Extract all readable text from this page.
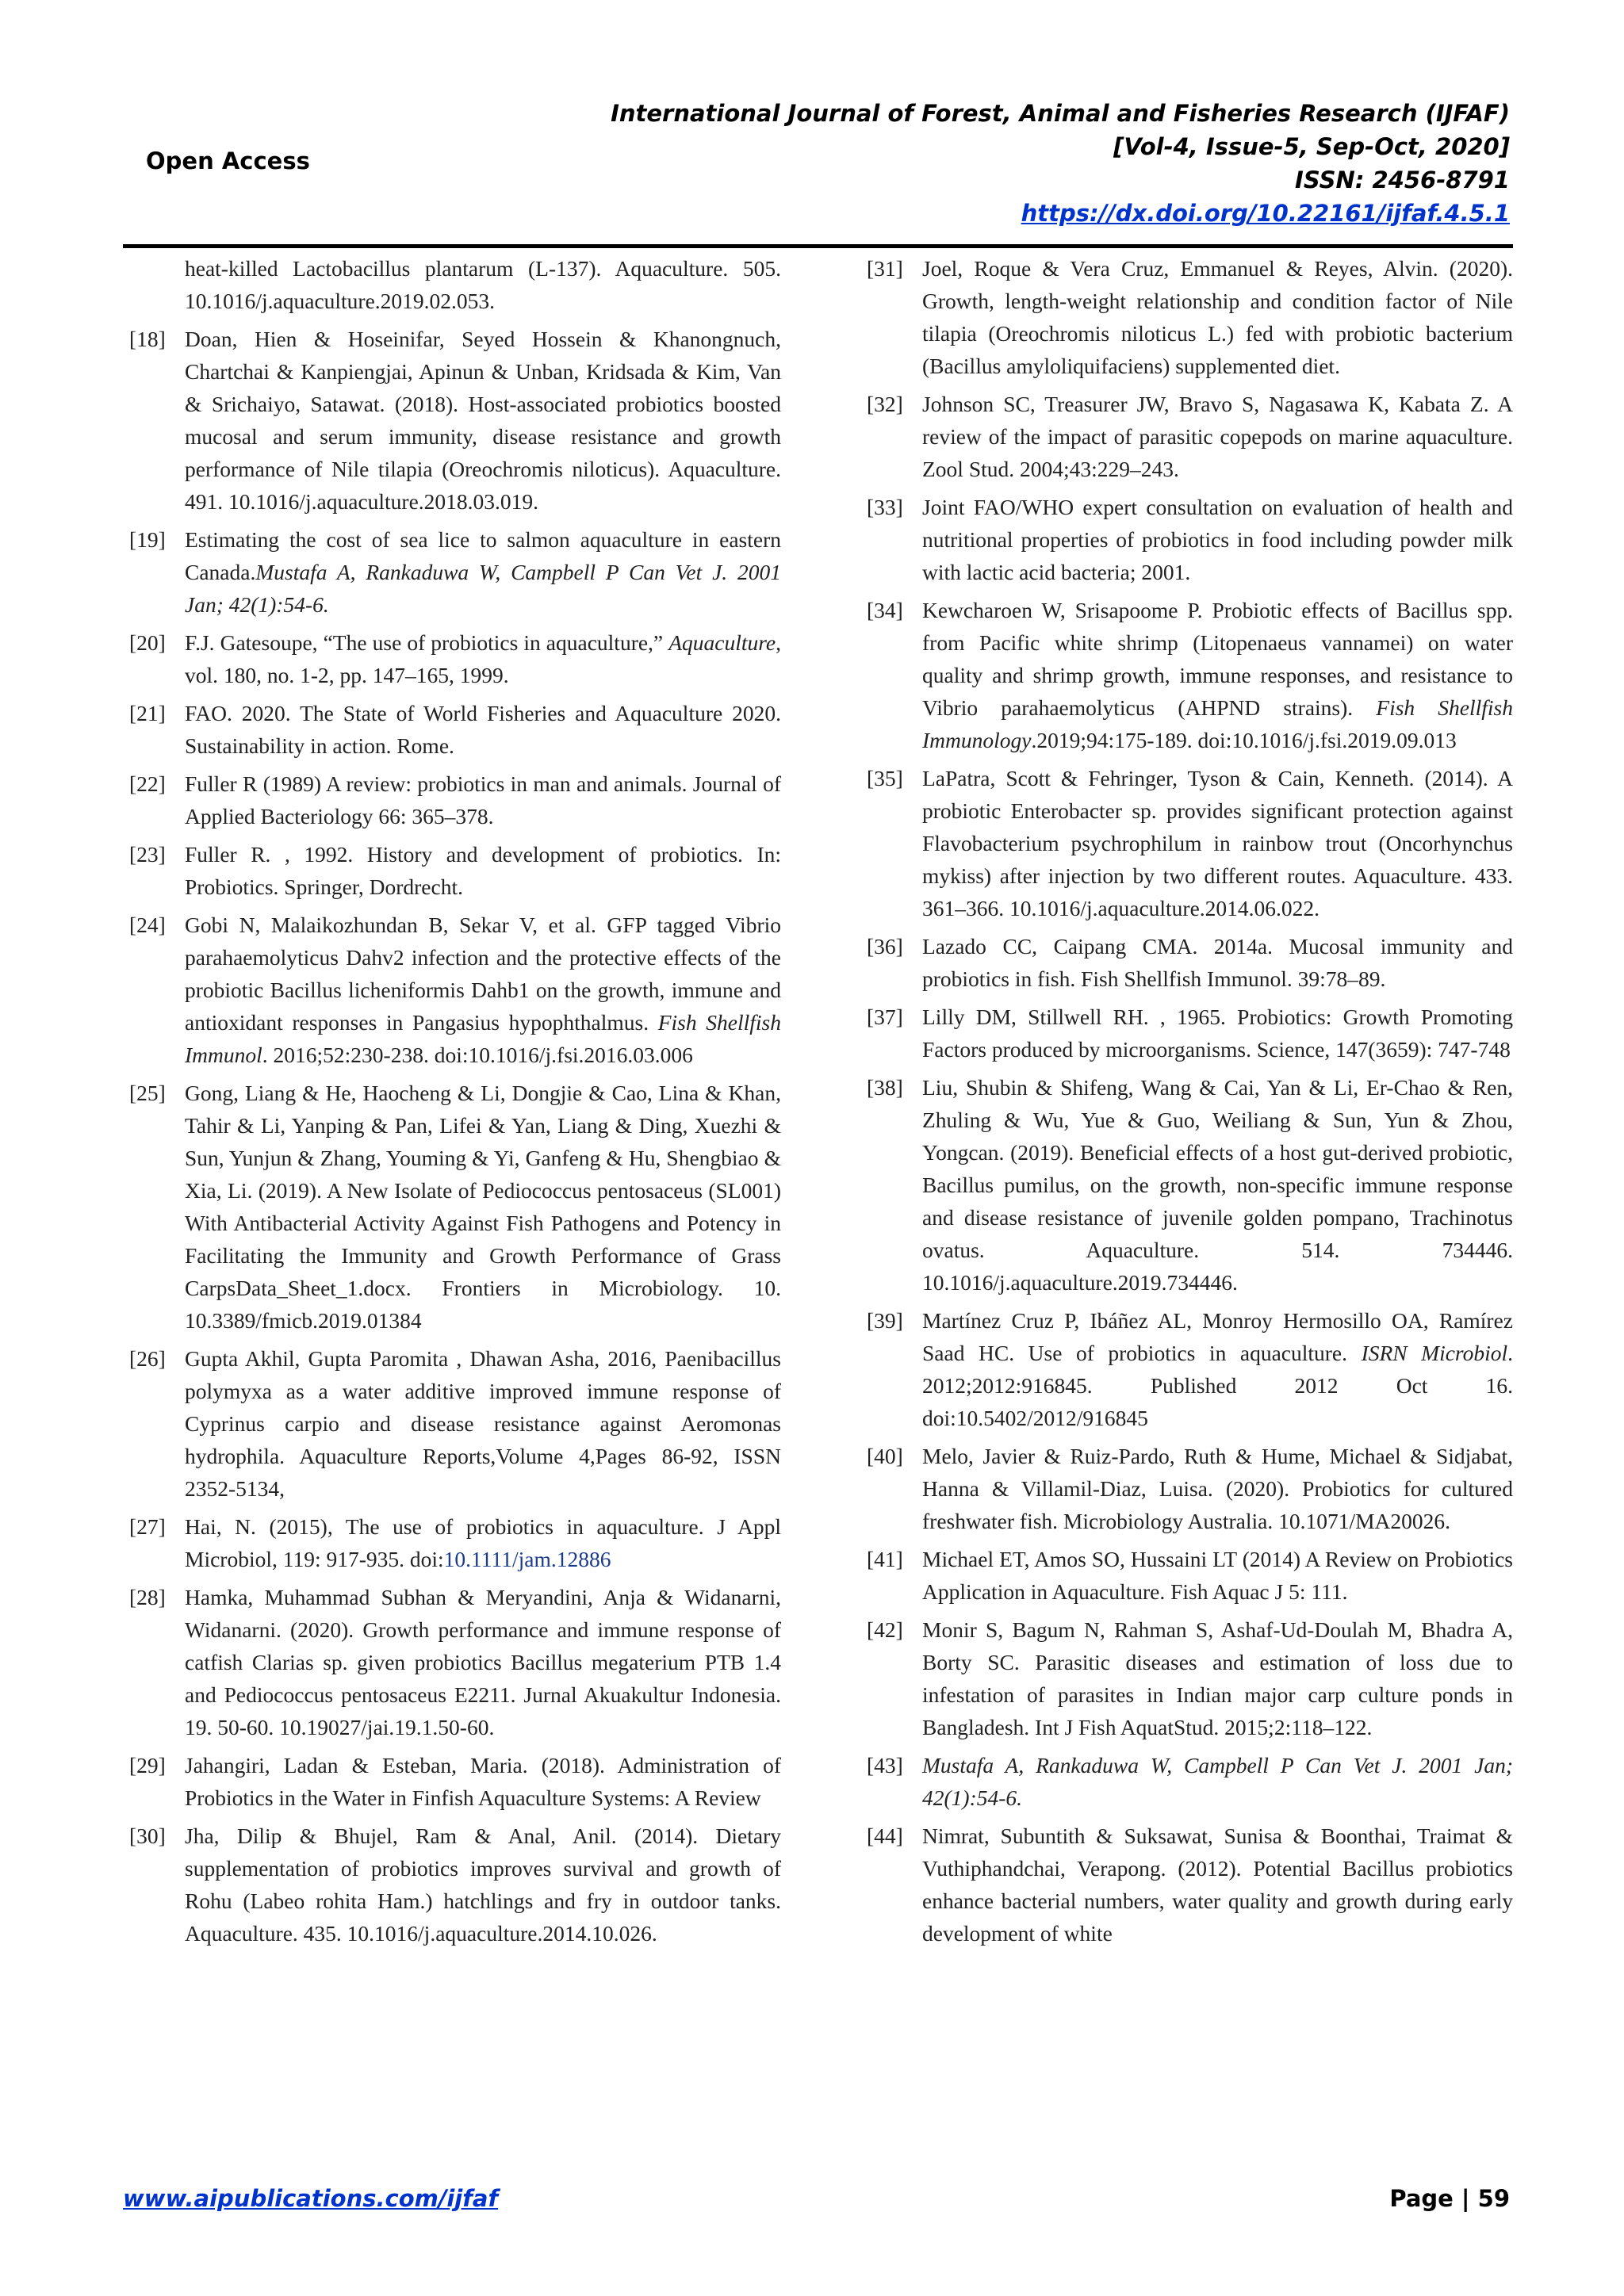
Open Access
International Journal of Forest, Animal and Fisheries Research (IJFAF)
[Vol-4, Issue-5, Sep-Oct, 2020]
ISSN: 2456-8791
https://dx.doi.org/10.22161/ijfaf.4.5.1
heat-killed Lactobacillus plantarum (L-137). Aquaculture. 505. 10.1016/j.aquaculture.2019.02.053.
[18] Doan, Hien & Hoseinifar, Seyed Hossein & Khanongnuch, Chartchai & Kanpiengjai, Apinun & Unban, Kridsada & Kim, Van & Srichaiyo, Satawat. (2018). Host-associated probiotics boosted mucosal and serum immunity, disease resistance and growth performance of Nile tilapia (Oreochromis niloticus). Aquaculture. 491. 10.1016/j.aquaculture.2018.03.019.
[19] Estimating the cost of sea lice to salmon aquaculture in eastern Canada.Mustafa A, Rankaduwa W, Campbell P Can Vet J. 2001 Jan; 42(1):54-6.
[20] F.J. Gatesoupe, “The use of probiotics in aquaculture,” Aquaculture, vol. 180, no. 1-2, pp. 147–165, 1999.
[21] FAO. 2020. The State of World Fisheries and Aquaculture 2020. Sustainability in action. Rome.
[22] Fuller R (1989) A review: probiotics in man and animals. Journal of Applied Bacteriology 66: 365–378.
[23] Fuller R. , 1992. History and development of probiotics. In: Probiotics. Springer, Dordrecht.
[24] Gobi N, Malaikozhundan B, Sekar V, et al. GFP tagged Vibrio parahaemolyticus Dahv2 infection and the protective effects of the probiotic Bacillus licheniformis Dahb1 on the growth, immune and antioxidant responses in Pangasius hypophthalmus. Fish Shellfish Immunol. 2016;52:230-238. doi:10.1016/j.fsi.2016.03.006
[25] Gong, Liang & He, Haocheng & Li, Dongjie & Cao, Lina & Khan, Tahir & Li, Yanping & Pan, Lifei & Yan, Liang & Ding, Xuezhi & Sun, Yunjun & Zhang, Youming & Yi, Ganfeng & Hu, Shengbiao & Xia, Li. (2019). A New Isolate of Pediococcus pentosaceus (SL001) With Antibacterial Activity Against Fish Pathogens and Potency in Facilitating the Immunity and Growth Performance of Grass CarpsData_Sheet_1.docx. Frontiers in Microbiology. 10. 10.3389/fmicb.2019.01384
[26] Gupta Akhil, Gupta Paromita , Dhawan Asha, 2016, Paenibacillus polymyxa as a water additive improved immune response of Cyprinus carpio and disease resistance against Aeromonas hydrophila. Aquaculture Reports,Volume 4,Pages 86-92, ISSN 2352-5134,
[27] Hai, N. (2015), The use of probiotics in aquaculture. J Appl Microbiol, 119: 917-935. doi:10.1111/jam.12886
[28] Hamka, Muhammad Subhan & Meryandini, Anja & Widanarni, Widanarni. (2020). Growth performance and immune response of catfish Clarias sp. given probiotics Bacillus megaterium PTB 1.4 and Pediococcus pentosaceus E2211. Jurnal Akuakultur Indonesia. 19. 50-60. 10.19027/jai.19.1.50-60.
[29] Jahangiri, Ladan & Esteban, Maria. (2018). Administration of Probiotics in the Water in Finfish Aquaculture Systems: A Review
[30] Jha, Dilip & Bhujel, Ram & Anal, Anil. (2014). Dietary supplementation of probiotics improves survival and growth of Rohu (Labeo rohita Ham.) hatchlings and fry in outdoor tanks. Aquaculture. 435. 10.1016/j.aquaculture.2014.10.026.
[31] Joel, Roque & Vera Cruz, Emmanuel & Reyes, Alvin. (2020). Growth, length-weight relationship and condition factor of Nile tilapia (Oreochromis niloticus L.) fed with probiotic bacterium (Bacillus amyloliquifaciens) supplemented diet.
[32] Johnson SC, Treasurer JW, Bravo S, Nagasawa K, Kabata Z. A review of the impact of parasitic copepods on marine aquaculture. Zool Stud. 2004;43:229–243.
[33] Joint FAO/WHO expert consultation on evaluation of health and nutritional properties of probiotics in food including powder milk with lactic acid bacteria; 2001.
[34] Kewcharoen W, Srisapoome P. Probiotic effects of Bacillus spp. from Pacific white shrimp (Litopenaeus vannamei) on water quality and shrimp growth, immune responses, and resistance to Vibrio parahaemolyticus (AHPND strains). Fish Shellfish Immunology.2019;94:175-189. doi:10.1016/j.fsi.2019.09.013
[35] LaPatra, Scott & Fehringer, Tyson & Cain, Kenneth. (2014). A probiotic Enterobacter sp. provides significant protection against Flavobacterium psychrophilum in rainbow trout (Oncorhynchus mykiss) after injection by two different routes. Aquaculture. 433. 361–366. 10.1016/j.aquaculture.2014.06.022.
[36] Lazado CC, Caipang CMA. 2014a. Mucosal immunity and probiotics in fish. Fish Shellfish Immunol. 39:78–89.
[37] Lilly DM, Stillwell RH. , 1965. Probiotics: Growth Promoting Factors produced by microorganisms. Science, 147(3659): 747-748
[38] Liu, Shubin & Shifeng, Wang & Cai, Yan & Li, Er-Chao & Ren, Zhuling & Wu, Yue & Guo, Weiliang & Sun, Yun & Zhou, Yongcan. (2019). Beneficial effects of a host gut-derived probiotic, Bacillus pumilus, on the growth, non-specific immune response and disease resistance of juvenile golden pompano, Trachinotus ovatus. Aquaculture. 514. 734446. 10.1016/j.aquaculture.2019.734446.
[39] Martínez Cruz P, Ibáñez AL, Monroy Hermosillo OA, Ramírez Saad HC. Use of probiotics in aquaculture. ISRN Microbiol. 2012;2012:916845. Published 2012 Oct 16. doi:10.5402/2012/916845
[40] Melo, Javier & Ruiz-Pardo, Ruth & Hume, Michael & Sidjabat, Hanna & Villamil-Diaz, Luisa. (2020). Probiotics for cultured freshwater fish. Microbiology Australia. 10.1071/MA20026.
[41] Michael ET, Amos SO, Hussaini LT (2014) A Review on Probiotics Application in Aquaculture. Fish Aquac J 5: 111.
[42] Monir S, Bagum N, Rahman S, Ashaf-Ud-Doulah M, Bhadra A, Borty SC. Parasitic diseases and estimation of loss due to infestation of parasites in Indian major carp culture ponds in Bangladesh. Int J Fish AquatStud. 2015;2:118–122.
[43] Mustafa A, Rankaduwa W, Campbell P Can Vet J. 2001 Jan; 42(1):54-6.
[44] Nimrat, Subuntith & Suksawat, Sunisa & Boonthai, Traimat & Vuthiphandchai, Verapong. (2012). Potential Bacillus probiotics enhance bacterial numbers, water quality and growth during early development of white
www.aipublications.com/ijfaf	Page | 59
